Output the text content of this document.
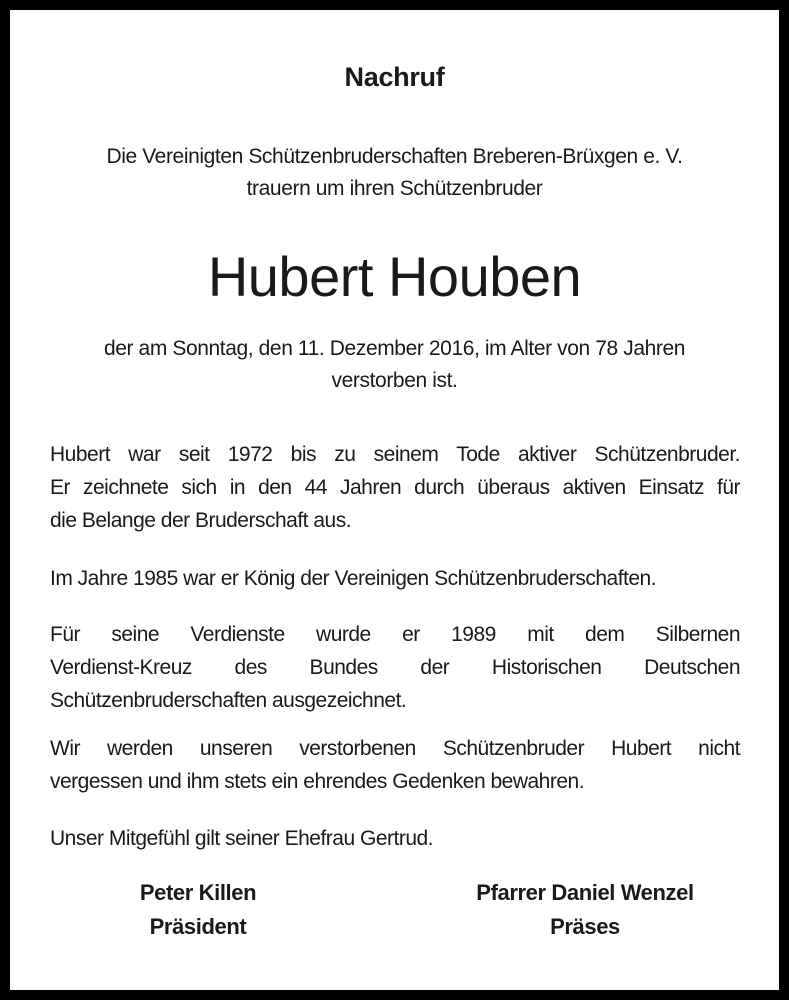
Nachruf
Die Vereinigten Schützenbruderschaften Breberen-Brüxgen e. V.
trauern um ihren Schützenbruder
Hubert Houben
der am Sonntag, den 11. Dezember 2016, im Alter von 78 Jahren
verstorben ist.
Hubert war seit 1972 bis zu seinem Tode aktiver Schützenbruder.
Er zeichnete sich in den 44 Jahren durch überaus aktiven Einsatz für
die Belange der Bruderschaft aus.
Im Jahre 1985 war er König der Vereinigen Schützenbruderschaften.
Für seine Verdienste wurde er 1989 mit dem Silbernen
Verdienst-Kreuz des Bundes der Historischen Deutschen
Schützenbruderschaften ausgezeichnet.
Wir werden unseren verstorbenen Schützenbruder Hubert nicht
vergessen und ihm stets ein ehrendes Gedenken bewahren.
Unser Mitgefühl gilt seiner Ehefrau Gertrud.
Peter Killen
Präsident
Pfarrer Daniel Wenzel
Präses
